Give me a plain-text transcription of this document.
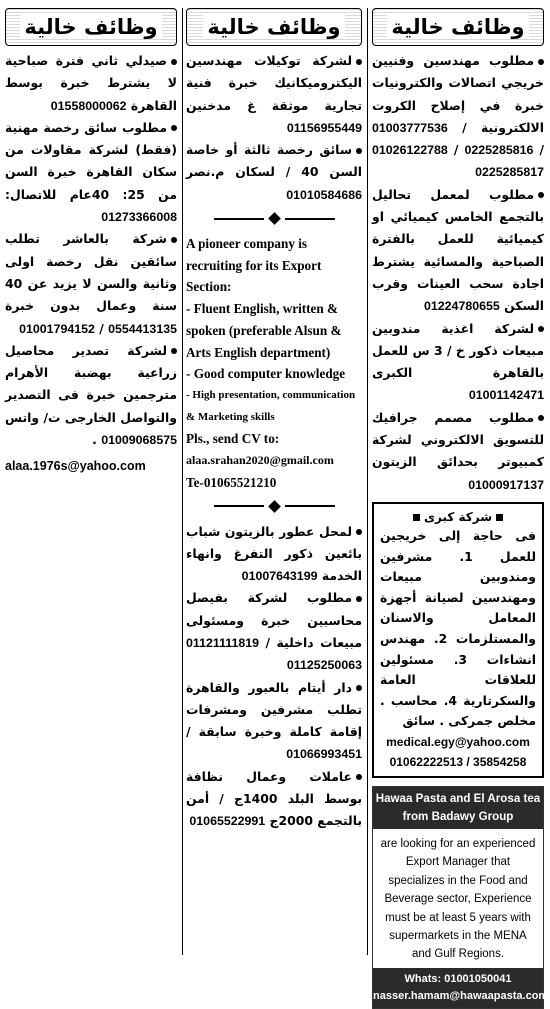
وظائف خالية
مطلوب مهندسين وفنيين خريجي اتصالات والكترونيات خبرة في إصلاح الكروت الالكترونية 01003777536 / 01026122788 / 0225285816 / 0225285817
مطلوب لمعمل تحاليل بالتجمع الخامس كيميائي او كيميائية للعمل بالفترة الصباحية والمسائية يشترط اجادة سحب العينات وقرب السكن 01224780655
لشركة اغذية مندوبين مبيعات ذكور خ / 3 س للعمل بالقاهرة الكبرى 01001142471
مطلوب مصمم جرافيك للتسويق الالكتروني لشركة كمبيوتر بحدائق الزيتون 01000917137
شركة كبرى
فى حاجة إلى خريجين للعمل 1. مشرفين ومندوبين مبيعات ومهندسين لصيانة أجهزة المعامل والاسنان والمستلزمات 2. مهندس انشاءات 3. مسئولين للعلاقات العامة والسكرتارية 4. محاسب . مخلص جمركى . سائق
medical.egy@yahoo.com
01062222513 / 35854258
Hawaa Pasta and El Arosa tea from Badawy Group
are looking for an experienced Export Manager that specializes in the Food and Beverage sector, Experience must be at least 5 years with supermarkets in the MENA and Gulf Regions.
Whats: 01001050041
nasser.hamam@hawaapasta.com
وظائف خالية
لشركة توكيلات مهندسين اليكتروميكانيك خبرة فنية تجارية موثقة غ مدخنين 01156955449
سائق رخصة ثالثة أو خاصة السن 40 / لسكان م.نصر 01010584686
A pioneer company is recruiting for its Export Section:
- Fluent English, written & spoken (preferable Alsun & Arts English department)
- Good computer knowledge
- High presentation, communication & Marketing skills
Pls., send CV to:
alaa.srahan2020@gmail.com
Te-01065521210
لمحل عطور بالزيتون شباب بائعين ذكور التفرغ وانهاء الخدمة 01007643199
مطلوب لشركة بفيصل محاسبين خبرة ومسئولى مبيعات داخلية 01121111819 / 01125250063
دار أيتام بالعبور والقاهرة تطلب مشرفين ومشرفات إقامة كاملة وخبرة سابقة / 01066993451
عاملات وعمال نظافة بوسط البلد 1400ج / أمن بالتجمع 2000ج 01065522991
وظائف خالية
صيدلي ثاني فترة صباحية لا يشترط خبرة بوسط القاهرة 01558000062
مطلوب سائق رخصة مهنية (فقط) لشركة مقاولات من سكان القاهرة خبرة السن من 25: 40عام للاتصال: 01273366008
شركة بالعاشر تطلب سائقين نقل رخصة اولى وثانية والسن لا يزيد عن 40 سنة وعمال بدون خبرة 01001794152 / 0554413135
لشركة تصدير محاصيل زراعية بهضبة الأهرام مترجمين خبرة فى التصدير والتواصل الخارجى ت/ واتس 01009068575 .
alaa.1976s@yahoo.com
